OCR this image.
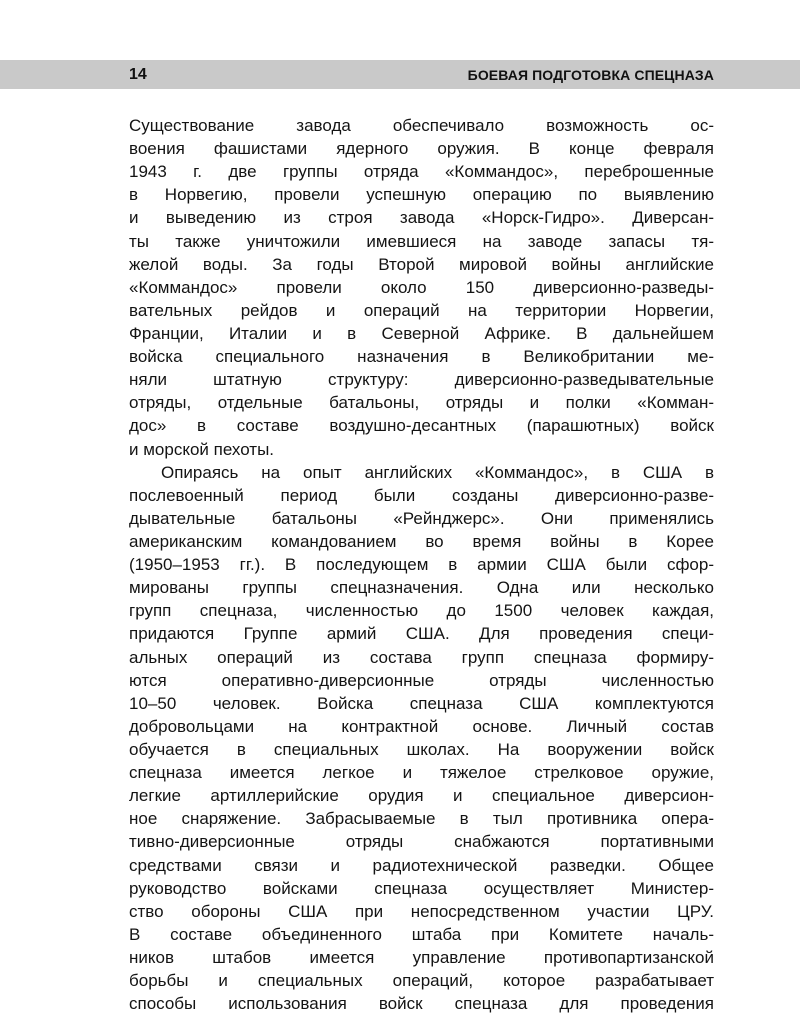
14	БОЕВАЯ ПОДГОТОВКА СПЕЦНАЗА
Существование завода обеспечивало возможность ос-
воения фашистами ядерного оружия. В конце февраля
1943 г. две группы отряда «Коммандос», переброшенные
в Норвегию, провели успешную операцию по выявлению
и выведению из строя завода «Норск-Гидро». Диверсан-
ты также уничтожили имевшиеся на заводе запасы тя-
желой воды. За годы Второй мировой войны английские
«Коммандос» провели около 150 диверсионно-разведы-
вательных рейдов и операций на территории Норвегии,
Франции, Италии и в Северной Африке. В дальнейшем
войска специального назначения в Великобритании ме-
няли штатную структуру: диверсионно-разведывательные
отряды, отдельные батальоны, отряды и полки «Комман-
дос» в составе воздушно-десантных (парашютных) войск
и морской пехоты.
Опираясь на опыт английских «Коммандос», в США в
послевоенный период были созданы диверсионно-разве-
дывательные батальоны «Рейнджерс». Они применялись
американским командованием во время войны в Корее
(1950–1953 гг.). В последующем в армии США были сфор-
мированы группы спецназначения. Одна или несколько
групп спецназа, численностью до 1500 человек каждая,
придаются Группе армий США. Для проведения специ-
альных операций из состава групп спецназа формиру-
ются оперативно-диверсионные отряды численностью
10–50 человек. Войска спецназа США комплектуются
добровольцами на контрактной основе. Личный состав
обучается в специальных школах. На вооружении войск
спецназа имеется легкое и тяжелое стрелковое оружие,
легкие артиллерийские орудия и специальное диверсион-
ное снаряжение. Забрасываемые в тыл противника опера-
тивно-диверсионные отряды снабжаются портативными
средствами связи и радиотехнической разведки. Общее
руководство войсками спецназа осуществляет Министер-
ство обороны США при непосредственном участии ЦРУ.
В составе объединенного штаба при Комитете началь-
ников штабов имеется управление противопартизанской
борьбы и специальных операций, которое разрабатывает
способы использования войск спецназа для проведения
